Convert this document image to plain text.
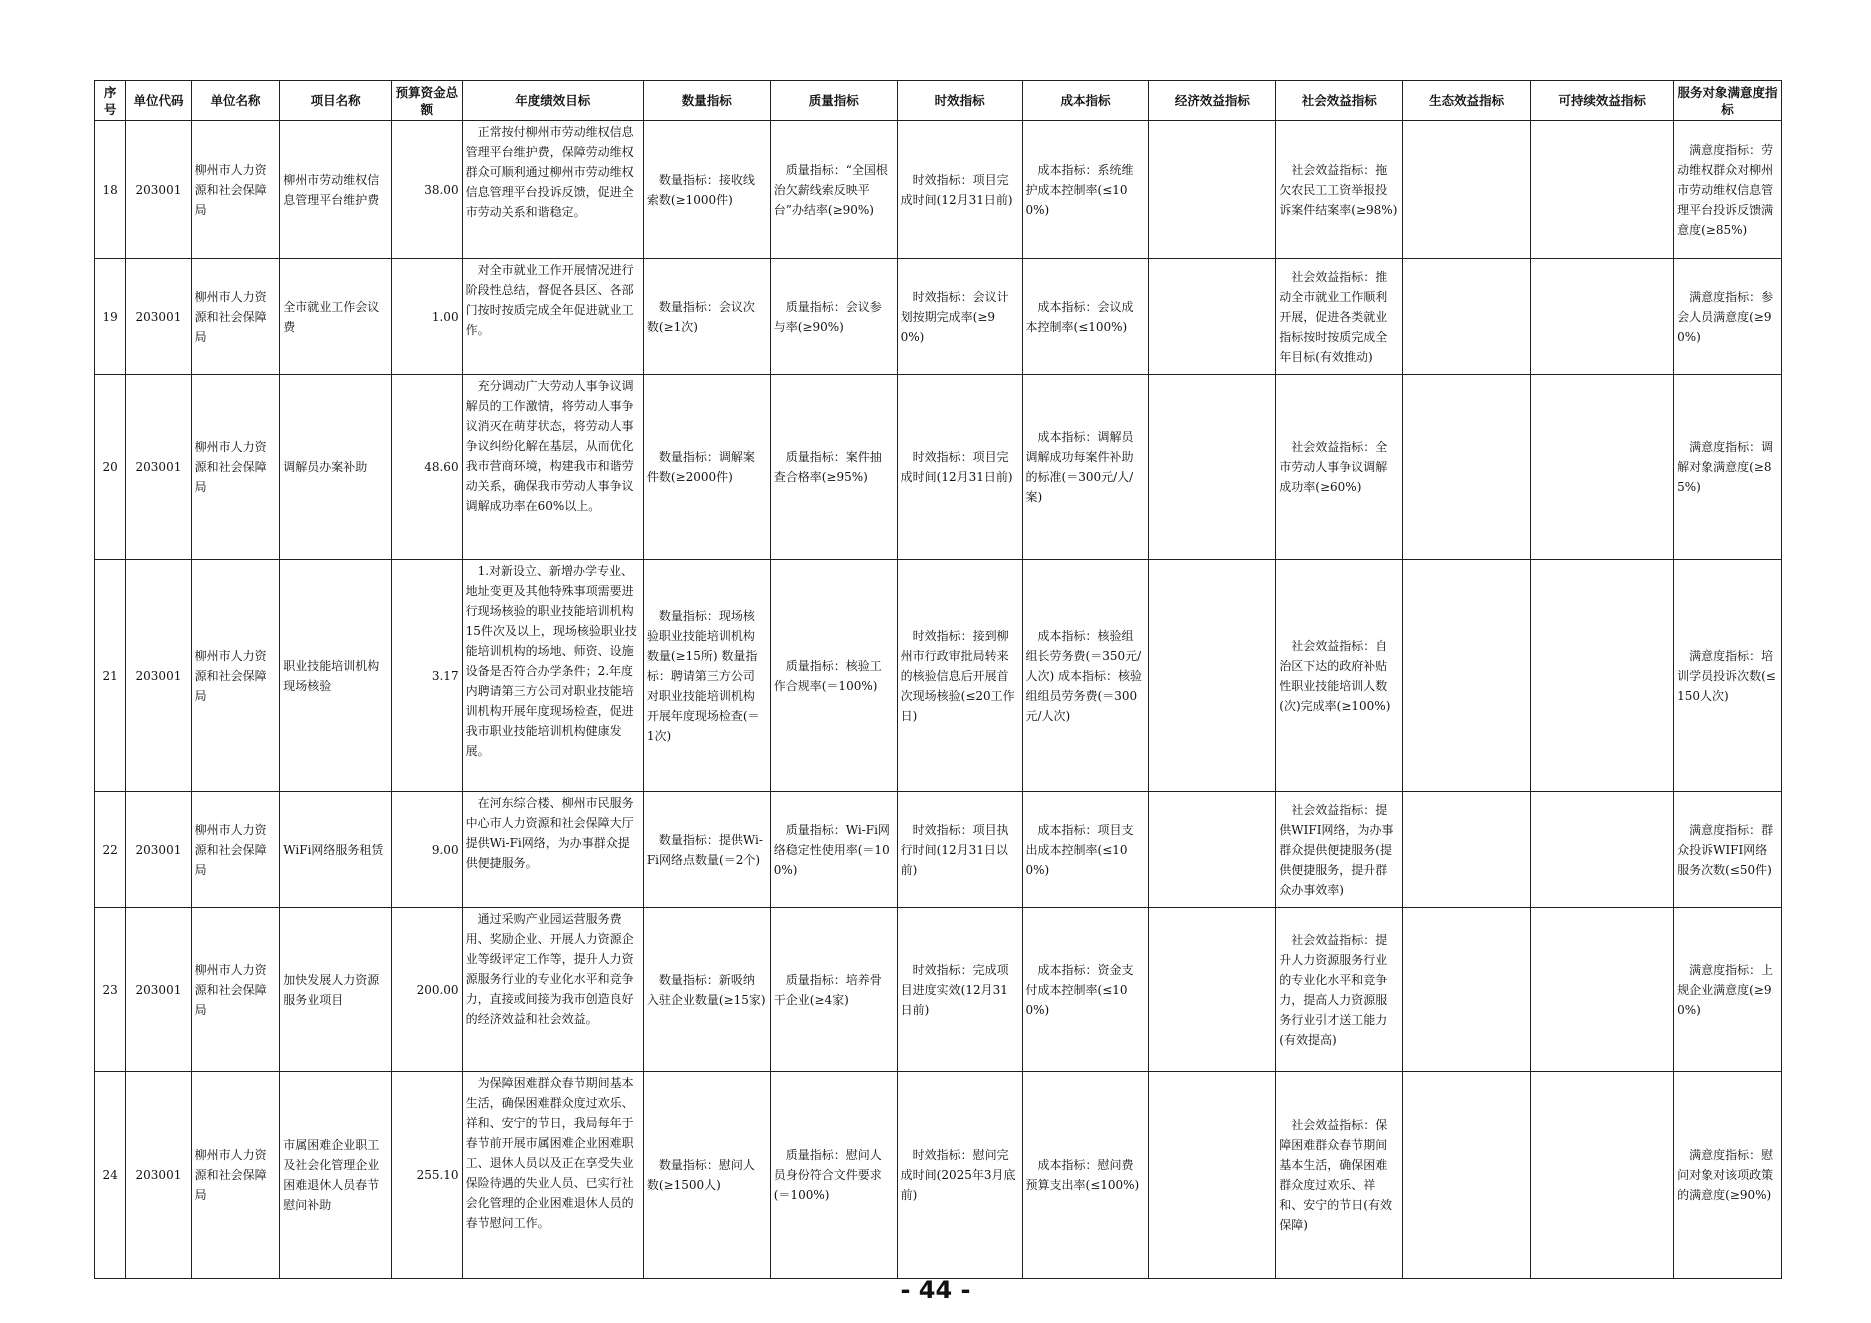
序号	单位代码	单位名称	项目名称	预算资金总额	年度绩效目标	数量指标	质量指标	时效指标	成本指标	经济效益指标	社会效益指标	生态效益指标	可持续效益指标	服务对象满意度指标
18	203001	柳州市人力资源和社会保障局	柳州市劳动维权信息管理平台维护费	38.00	正常按付柳州市劳动维权信息管理平台维护费，保障劳动维权群众可顺利通过柳州市劳动维权信息管理平台投诉反馈，促进全市劳动关系和谐稳定。	数量指标：接收线索数(≥1000件)	质量指标：“全国根治欠薪线索反映平台”办结率(≥90%)	时效指标：项目完成时间(12月31日前)	成本指标：系统维护成本控制率(≤100%)		社会效益指标：拖欠农民工工资举报投诉案件结案率(≥98%)			满意度指标：劳动维权群众对柳州市劳动维权信息管理平台投诉反馈满意度(≥85%)
19	203001	柳州市人力资源和社会保障局	全市就业工作会议费	1.00	对全市就业工作开展情况进行阶段性总结，督促各县区、各部门按时按质完成全年促进就业工作。	数量指标：会议次数(≥1次)	质量指标：会议参与率(≥90%)	时效指标：会议计划按期完成率(≥90%)	成本指标：会议成本控制率(≤100%)		社会效益指标：推动全市就业工作顺利开展，促进各类就业指标按时按质完成全年目标(有效推动)			满意度指标：参会人员满意度(≥90%)
20	203001	柳州市人力资源和社会保障局	调解员办案补助	48.60	充分调动广大劳动人事争议调解员的工作激情，将劳动人事争议消灭在萌芽状态，将劳动人事争议纠纷化解在基层，从而优化我市营商环境，构建我市和谐劳动关系，确保我市劳动人事争议调解成功率在60%以上。	数量指标：调解案件数(≥2000件)	质量指标：案件抽查合格率(≥95%)	时效指标：项目完成时间(12月31日前)	成本指标：调解员调解成功每案件补助的标准(＝300元/人/案)		社会效益指标：全市劳动人事争议调解成功率(≥60%)			满意度指标：调解对象满意度(≥85%)
21	203001	柳州市人力资源和社会保障局	职业技能培训机构现场核验	3.17	1.对新设立、新增办学专业、地址变更及其他特殊事项需要进行现场核验的职业技能培训机构15件次及以上，现场核验职业技能培训机构的场地、师资、设施设备是否符合办学条件；2.年度内聘请第三方公司对职业技能培训机构开展年度现场检查，促进我市职业技能培训机构健康发展。	数量指标：现场核验职业技能培训机构数量(≥15所) 数量指标：聘请第三方公司对职业技能培训机构开展年度现场检查(＝1次)	质量指标：核验工作合规率(＝100%)	时效指标：接到柳州市行政审批局转来的核验信息后开展首次现场核验(≤20工作日)	成本指标：核验组组长劳务费(＝350元/人次) 成本指标：核验组组员劳务费(＝300元/人次)		社会效益指标：自治区下达的政府补贴性职业技能培训人数(次)完成率(≥100%)			满意度指标：培训学员投诉次数(≤150人次)
22	203001	柳州市人力资源和社会保障局	WiFi网络服务租赁	9.00	在河东综合楼、柳州市民服务中心市人力资源和社会保障大厅提供Wi-Fi网络，为办事群众提供便捷服务。	数量指标：提供Wi-Fi网络点数量(＝2个)	质量指标：Wi-Fi网络稳定性使用率(＝100%)	时效指标：项目执行时间(12月31日以前)	成本指标：项目支出成本控制率(≤100%)		社会效益指标：提供WIFI网络，为办事群众提供便捷服务(提供便捷服务，提升群众办事效率)			满意度指标：群众投诉WIFI网络服务次数(≤50件)
23	203001	柳州市人力资源和社会保障局	加快发展人力资源服务业项目	200.00	通过采购产业园运营服务费用、奖励企业、开展人力资源企业等级评定工作等，提升人力资源服务行业的专业化水平和竞争力，直接或间接为我市创造良好的经济效益和社会效益。	数量指标：新吸纳入驻企业数量(≥15家)	质量指标：培养骨干企业(≥4家)	时效指标：完成项目进度实效(12月31日前)	成本指标：资金支付成本控制率(≤100%)		社会效益指标：提升人力资源服务行业的专业化水平和竞争力，提高人力资源服务行业引才送工能力(有效提高)			满意度指标：上规企业满意度(≥90%)
24	203001	柳州市人力资源和社会保障局	市属困难企业职工及社会化管理企业困难退休人员春节慰问补助	255.10	为保障困难群众春节期间基本生活，确保困难群众度过欢乐、祥和、安宁的节日，我局每年于春节前开展市属困难企业困难职工、退休人员以及正在享受失业保险待遇的失业人员、已实行社会化管理的企业困难退休人员的春节慰问工作。	数量指标：慰问人数(≥1500人)	质量指标：慰问人员身份符合文件要求(＝100%)	时效指标：慰问完成时间(2025年3月底前)	成本指标：慰问费预算支出率(≤100%)		社会效益指标：保障困难群众春节期间基本生活，确保困难群众度过欢乐、祥和、安宁的节日(有效保障)			满意度指标：慰问对象对该项政策的满意度(≥90%)
- 44 -
